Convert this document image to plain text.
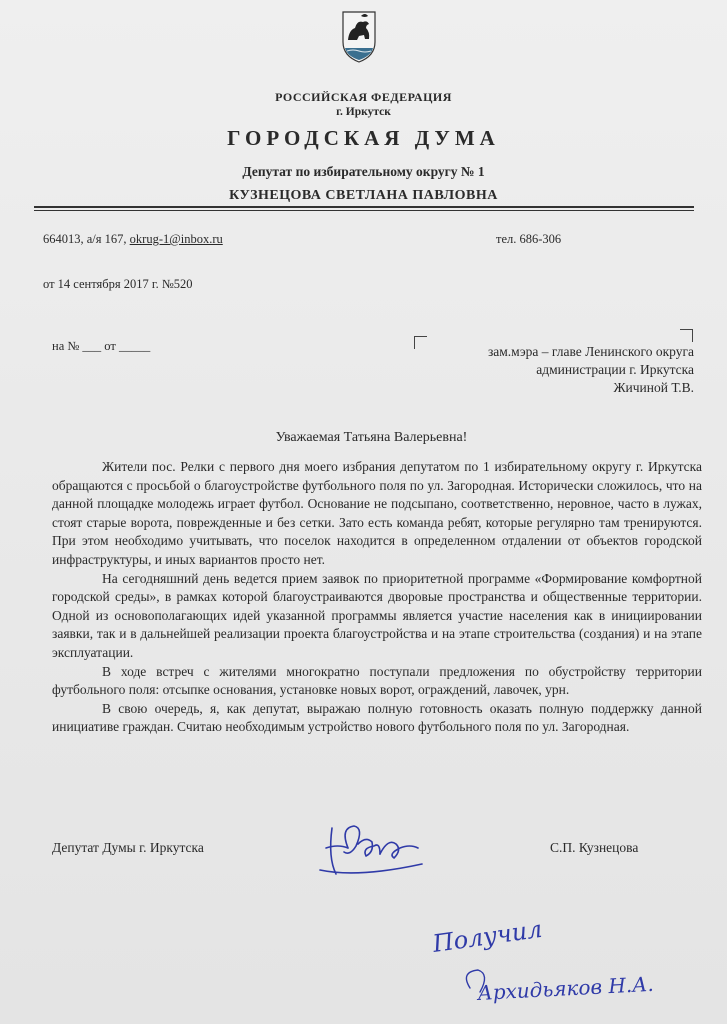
РОССИЙСКАЯ ФЕДЕРАЦИЯ
г. Иркутск
ГОРОДСКАЯ ДУМА
Депутат по избирательному округу № 1
КУЗНЕЦОВА СВЕТЛАНА ПАВЛОВНА
664013, а/я 167, okrug-1@inbox.ru	тел. 686-306
от 14 сентября 2017 г. №520
на № ___ от _____	зам.мэра – главе Ленинского округа
администрации г. Иркутска
Жичиной Т.В.
Уважаемая Татьяна Валерьевна!

Жители пос. Релки с первого дня моего избрания депутатом по 1 избирательному округу г. Иркутска обращаются с просьбой о благоустройстве футбольного поля по ул. Загородная. Исторически сложилось, что на данной площадке молодежь играет футбол. Основание не подсыпано, соответственно, неровное, часто в лужах, стоят старые ворота, поврежденные и без сетки. Зато есть команда ребят, которые регулярно там тренируются. При этом необходимо учитывать, что поселок находится в определенном отдалении от объектов городской инфраструктуры, и иных вариантов просто нет.

На сегодняшний день ведется прием заявок по приоритетной программе «Формирование комфортной городской среды», в рамках которой благоустраиваются дворовые пространства и общественные территории. Одной из основополагающих идей указанной программы является участие населения как в инициировании заявки, так и в дальнейшей реализации проекта благоустройства и на этапе строительства (создания) и на этапе эксплуатации.

В ходе встреч с жителями многократно поступали предложения по обустройству территории футбольного поля: отсыпке основания, установке новых ворот, ограждений, лавочек, урн.

В свою очередь, я, как депутат, выражаю полную готовность оказать полную поддержку данной инициативе граждан. Считаю необходимым устройство нового футбольного поля по ул. Загородная.

Депутат Думы г. Иркутска	С.П. Кузнецова
Получил
Архидьяков Н.А.
